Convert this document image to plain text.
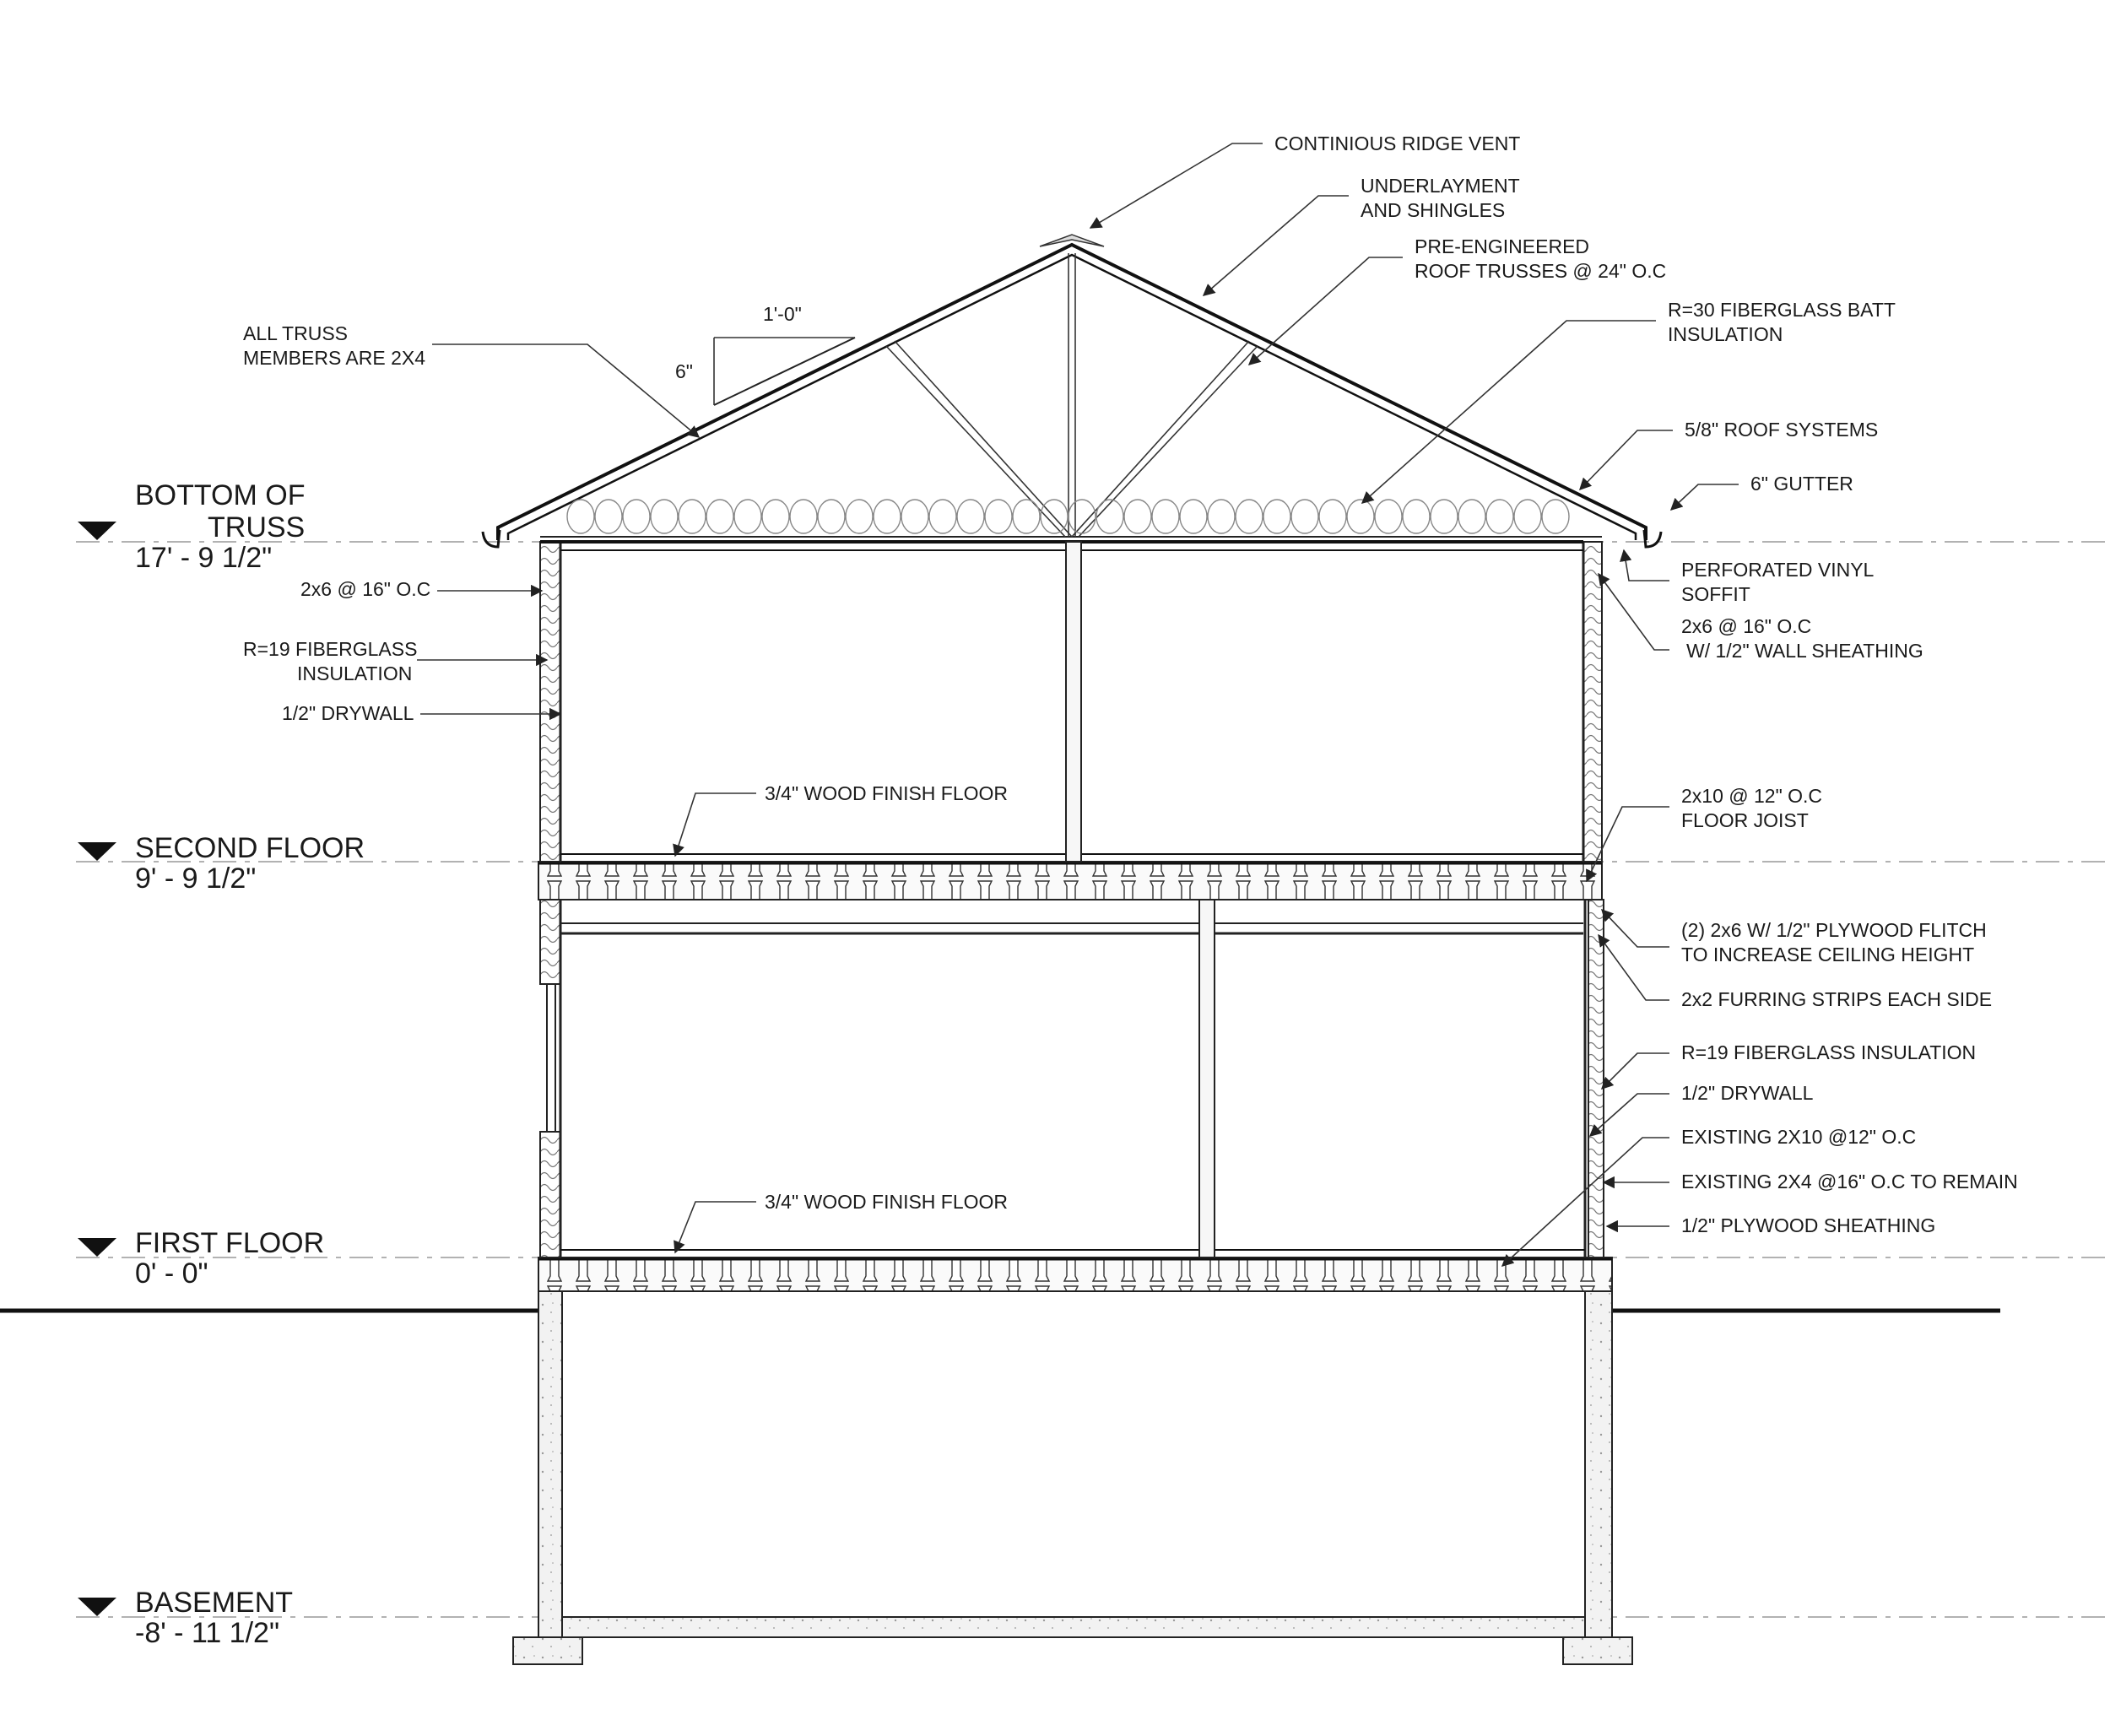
BOTTOM OF
TRUSS
17' - 9 1/2"
SECOND FLOOR
9' - 9 1/2"
FIRST FLOOR
0' - 0"
BASEMENT
-8' - 11 1/2"
1'-0"
6"
ALL TRUSS
MEMBERS ARE 2X4
2x6 @ 16" O.C
R=19 FIBERGLASS
INSULATION
1/2" DRYWALL
3/4" WOOD FINISH FLOOR
3/4" WOOD FINISH FLOOR
CONTINIOUS RIDGE VENT
UNDERLAYMENT
AND SHINGLES
PRE-ENGINEERED
ROOF TRUSSES @ 24" O.C
R=30 FIBERGLASS BATT
INSULATION
5/8" ROOF SYSTEMS
6" GUTTER
PERFORATED VINYL
SOFFIT
2x6 @ 16" O.C
W/ 1/2" WALL SHEATHING
2x10 @ 12" O.C
FLOOR JOIST
(2) 2x6 W/ 1/2" PLYWOOD FLITCH
TO INCREASE CEILING HEIGHT
2x2 FURRING STRIPS EACH SIDE
R=19 FIBERGLASS INSULATION
1/2" DRYWALL
EXISTING 2X10 @12" O.C
EXISTING 2X4 @16" O.C TO REMAIN
1/2" PLYWOOD SHEATHING
